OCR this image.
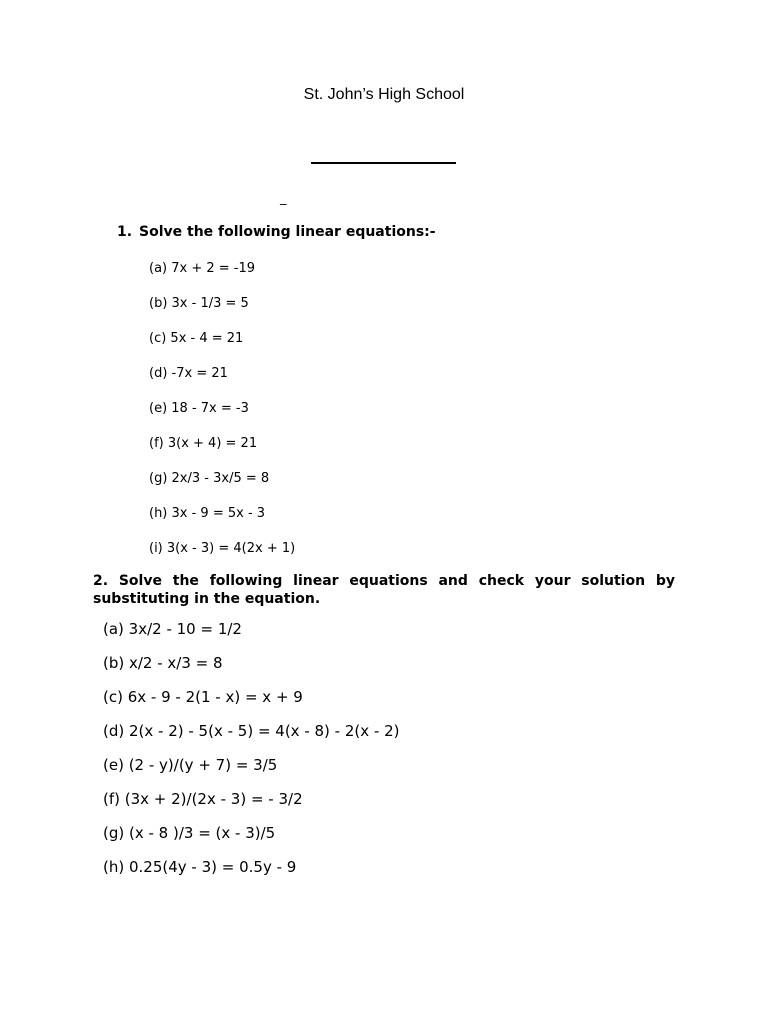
St. John’s High School
_
1. Solve the following linear equations:-
(a) 7x + 2 = -19
(b) 3x - 1/3 = 5
(c) 5x - 4 = 21
(d) -7x = 21
(e) 18 - 7x = -3
(f) 3(x + 4) = 21
(g) 2x/3 - 3x/5 = 8
(h) 3x - 9 = 5x - 3
(i) 3(x - 3) = 4(2x + 1)
2. Solve the following linear equations and check your solution by substituting in the equation.
(a) 3x/2 - 10 = 1/2
(b) x/2 - x/3 = 8
(c) 6x - 9 - 2(1 - x) = x + 9
(d) 2(x - 2) - 5(x - 5) = 4(x - 8) - 2(x - 2)
(e) (2 - y)/(y + 7) = 3/5
(f) (3x + 2)/(2x - 3) = - 3/2
(g) (x - 8 )/3 = (x - 3)/5
(h) 0.25(4y - 3) = 0.5y - 9
